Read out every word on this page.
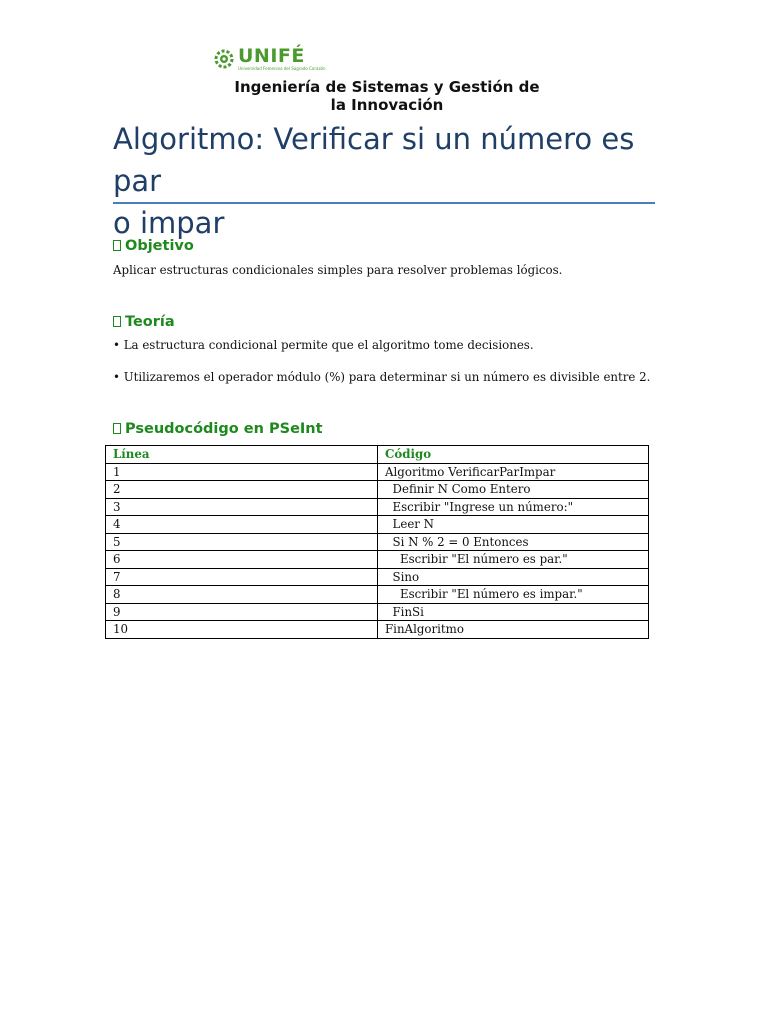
UNIFÉ
Universidad Femenina del Sagrado Corazón
Ingeniería de Sistemas y Gestión de
la Innovación
Algoritmo: Verificar si un número es par
o impar
Objetivo

Aplicar estructuras condicionales simples para resolver problemas lógicos.

Teoría

• La estructura condicional permite que el algoritmo tome decisiones.

• Utilizaremos el operador módulo (%) para determinar si un número es divisible entre 2.

Pseudocódigo en PSeInt
Línea	Código
1	Algoritmo VerificarParImpar
2	Definir N Como Entero
3	Escribir "Ingrese un número:"
4	Leer N
5	Si N % 2 = 0 Entonces
6	Escribir "El número es par."
7	Sino
8	Escribir "El número es impar."
9	FinSi
10	FinAlgoritmo
